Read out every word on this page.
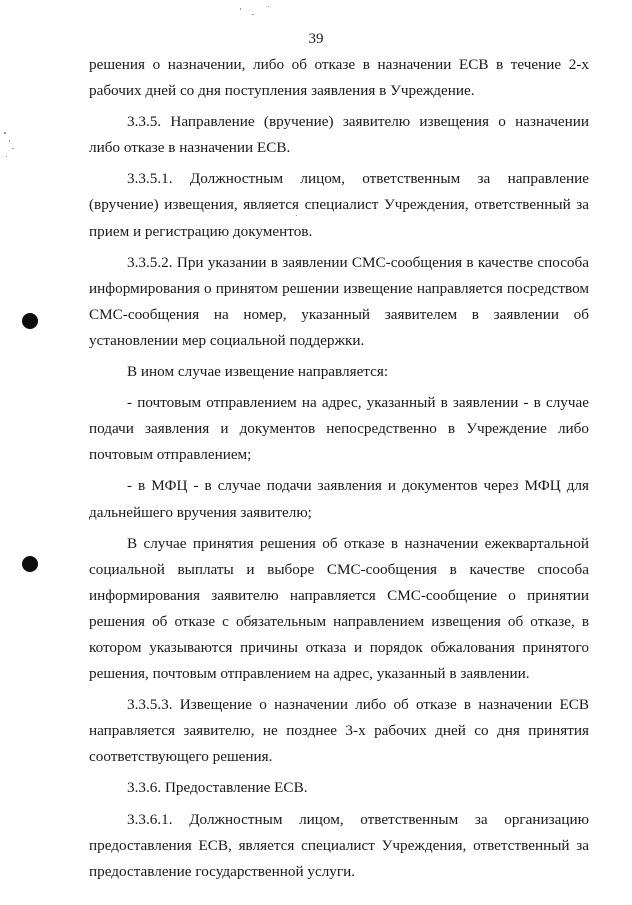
39

решения о назначении, либо об отказе в назначении ЕСВ в течение 2-х рабочих дней со дня поступления заявления в Учреждение.

3.3.5. Направление (вручение) заявителю извещения о назначении либо отказе в назначении ЕСВ.

3.3.5.1. Должностным лицом, ответственным за направление (вручение) извещения, является специалист Учреждения, ответственный за прием и регистрацию документов.

3.3.5.2. При указании в заявлении СМС-сообщения в качестве способа информирования о принятом решении извещение направляется посредством СМС-сообщения на номер, указанный заявителем в заявлении об установлении мер социальной поддержки.

В ином случае извещение направляется:

- почтовым отправлением на адрес, указанный в заявлении - в случае подачи заявления и документов непосредственно в Учреждение либо почтовым отправлением;

- в МФЦ - в случае подачи заявления и документов через МФЦ для дальнейшего вручения заявителю;

В случае принятия решения об отказе в назначении ежеквартальной социальной выплаты и выборе СМС-сообщения в качестве способа информирования заявителю направляется СМС-сообщение о принятии решения об отказе с обязательным направлением извещения об отказе, в котором указываются причины отказа и порядок обжалования принятого решения, почтовым отправлением на адрес, указанный в заявлении.

3.3.5.3. Извещение о назначении либо об отказе в назначении ЕСВ направляется заявителю, не позднее 3-х рабочих дней со дня принятия соответствующего решения.

3.3.6. Предоставление ЕСВ.

3.3.6.1. Должностным лицом, ответственным за организацию предоставления ЕСВ, является специалист Учреждения, ответственный за предоставление государственной услуги.
